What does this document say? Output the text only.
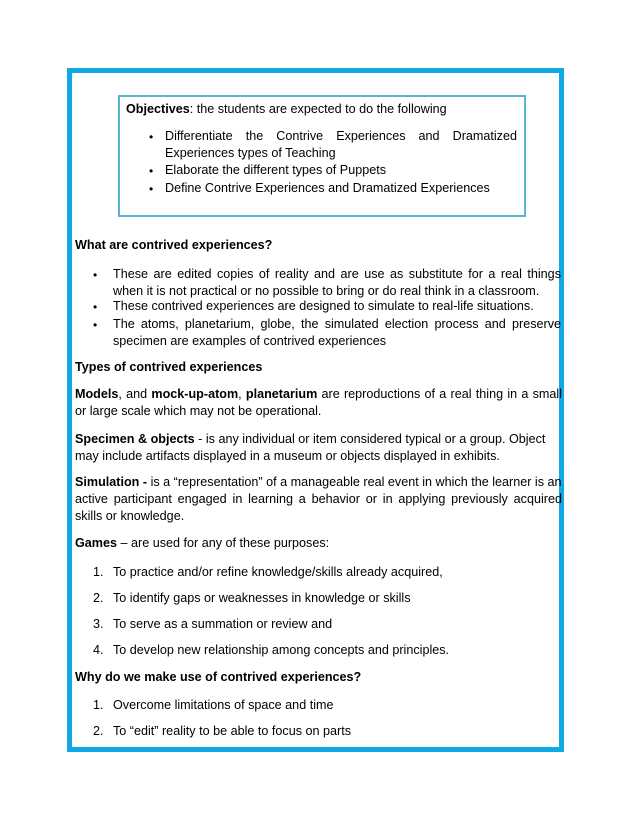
Objectives: the students are expected to do the following
• Differentiate the Contrive Experiences and Dramatized
Experiences types of Teaching
• Elaborate the different types of Puppets
• Define Contrive Experiences and Dramatized Experiences
What are contrived experiences?
• These are edited copies of reality and are use as substitute for a real things
when it is not practical or no possible to bring or do real think in a classroom.
• These contrived experiences are designed to simulate to real-life situations.
• The atoms, planetarium, globe, the simulated election process and preserve
specimen are examples of contrived experiences
Types of contrived experiences
Models, and mock-up-atom, planetarium are reproductions of a real thing in a small
or large scale which may not be operational.
Specimen & objects - is any individual or item considered typical or a group. Object
may include artifacts displayed in a museum or objects displayed in exhibits.
Simulation - is a “representation” of a manageable real event in which the learner is an
active participant engaged in learning a behavior or in applying previously acquired
skills or knowledge.
Games – are used for any of these purposes:
1. To practice and/or refine knowledge/skills already acquired,
2. To identify gaps or weaknesses in knowledge or skills
3. To serve as a summation or review and
4. To develop new relationship among concepts and principles.
Why do we make use of contrived experiences?
1. Overcome limitations of space and time
2. To “edit” reality to be able to focus on parts
